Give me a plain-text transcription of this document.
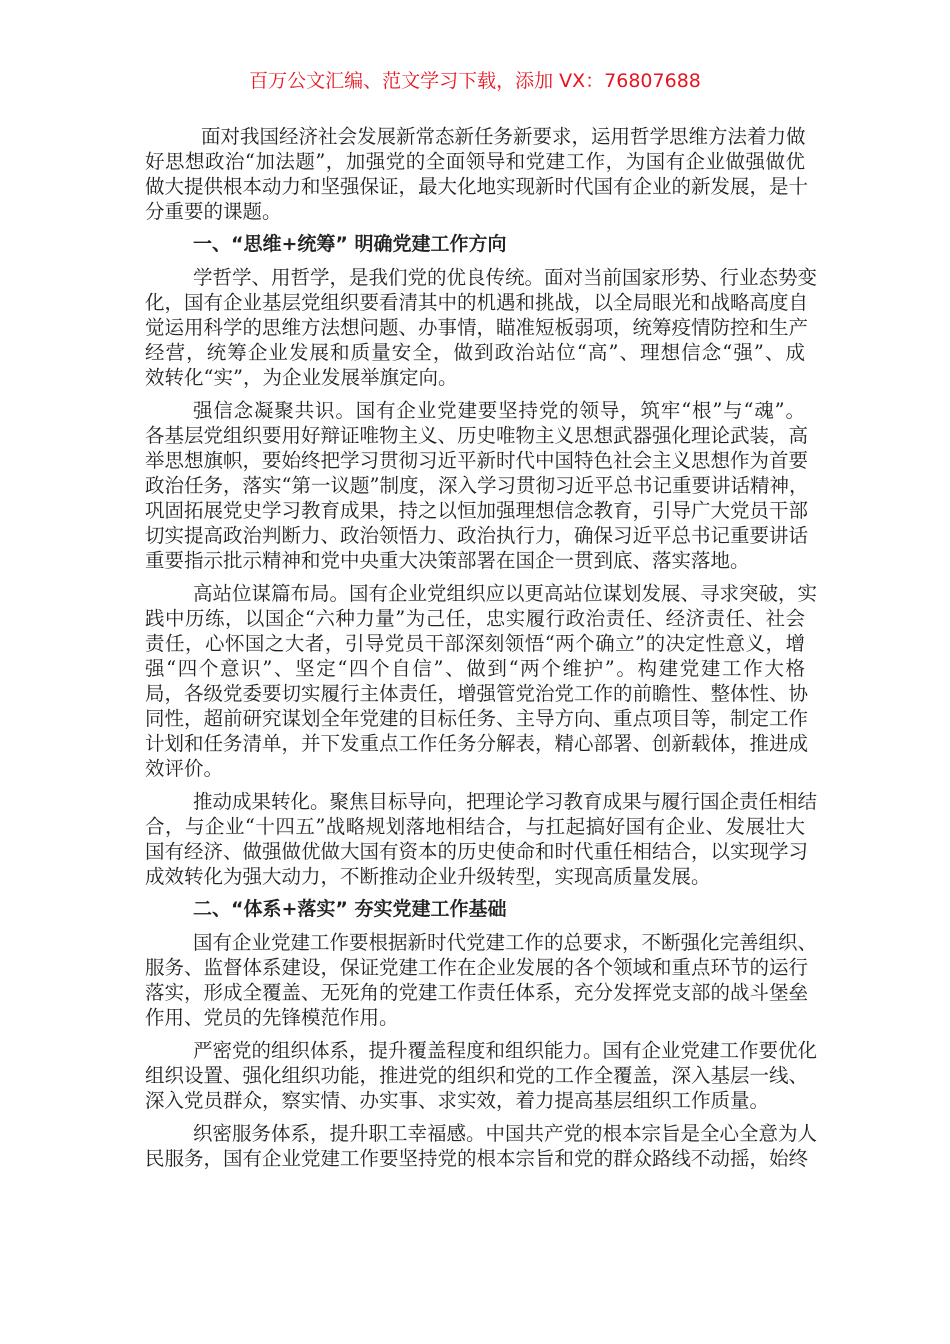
百万公文汇编、范文学习下载，添加 VX：76807688
面对我国经济社会发展新常态新任务新要求，运用哲学思维方法着力做
好思想政治“加法题”，加强党的全面领导和党建工作，为国有企业做强做优
做大提供根本动力和坚强保证，最大化地实现新时代国有企业的新发展，是十
分重要的课题。
一、“思维+统筹” 明确党建工作方向
学哲学、用哲学，是我们党的优良传统。面对当前国家形势、行业态势变
化，国有企业基层党组织要看清其中的机遇和挑战，以全局眼光和战略高度自
觉运用科学的思维方法想问题、办事情，瞄准短板弱项，统筹疫情防控和生产
经营，统筹企业发展和质量安全，做到政治站位“高”、理想信念“强”、成
效转化“实”，为企业发展举旗定向。
强信念凝聚共识。国有企业党建要坚持党的领导，筑牢“根”与“魂”。
各基层党组织要用好辩证唯物主义、历史唯物主义思想武器强化理论武装，高
举思想旗帜，要始终把学习贯彻习近平新时代中国特色社会主义思想作为首要
政治任务，落实“第一议题”制度，深入学习贯彻习近平总书记重要讲话精神，
巩固拓展党史学习教育成果，持之以恒加强理想信念教育，引导广大党员干部
切实提高政治判断力、政治领悟力、政治执行力，确保习近平总书记重要讲话
重要指示批示精神和党中央重大决策部署在国企一贯到底、落实落地。
高站位谋篇布局。国有企业党组织应以更高站位谋划发展、寻求突破，实
践中历练，以国企“六种力量”为己任，忠实履行政治责任、经济责任、社会
责任，心怀国之大者，引导党员干部深刻领悟“两个确立”的决定性意义，增
强“四个意识”、坚定“四个自信”、做到“两个维护”。构建党建工作大格
局，各级党委要切实履行主体责任，增强管党治党工作的前瞻性、整体性、协
同性，超前研究谋划全年党建的目标任务、主导方向、重点项目等，制定工作
计划和任务清单，并下发重点工作任务分解表，精心部署、创新载体，推进成
效评价。
推动成果转化。聚焦目标导向，把理论学习教育成果与履行国企责任相结
合，与企业“十四五”战略规划落地相结合，与扛起搞好国有企业、发展壮大
国有经济、做强做优做大国有资本的历史使命和时代重任相结合，以实现学习
成效转化为强大动力，不断推动企业升级转型，实现高质量发展。
二、“体系+落实” 夯实党建工作基础
国有企业党建工作要根据新时代党建工作的总要求，不断强化完善组织、
服务、监督体系建设，保证党建工作在企业发展的各个领域和重点环节的运行
落实，形成全覆盖、无死角的党建工作责任体系，充分发挥党支部的战斗堡垒
作用、党员的先锋模范作用。
严密党的组织体系，提升覆盖程度和组织能力。国有企业党建工作要优化
组织设置、强化组织功能，推进党的组织和党的工作全覆盖，深入基层一线、
深入党员群众，察实情、办实事、求实效，着力提高基层组织工作质量。
织密服务体系，提升职工幸福感。中国共产党的根本宗旨是全心全意为人
民服务，国有企业党建工作要坚持党的根本宗旨和党的群众路线不动摇，始终
